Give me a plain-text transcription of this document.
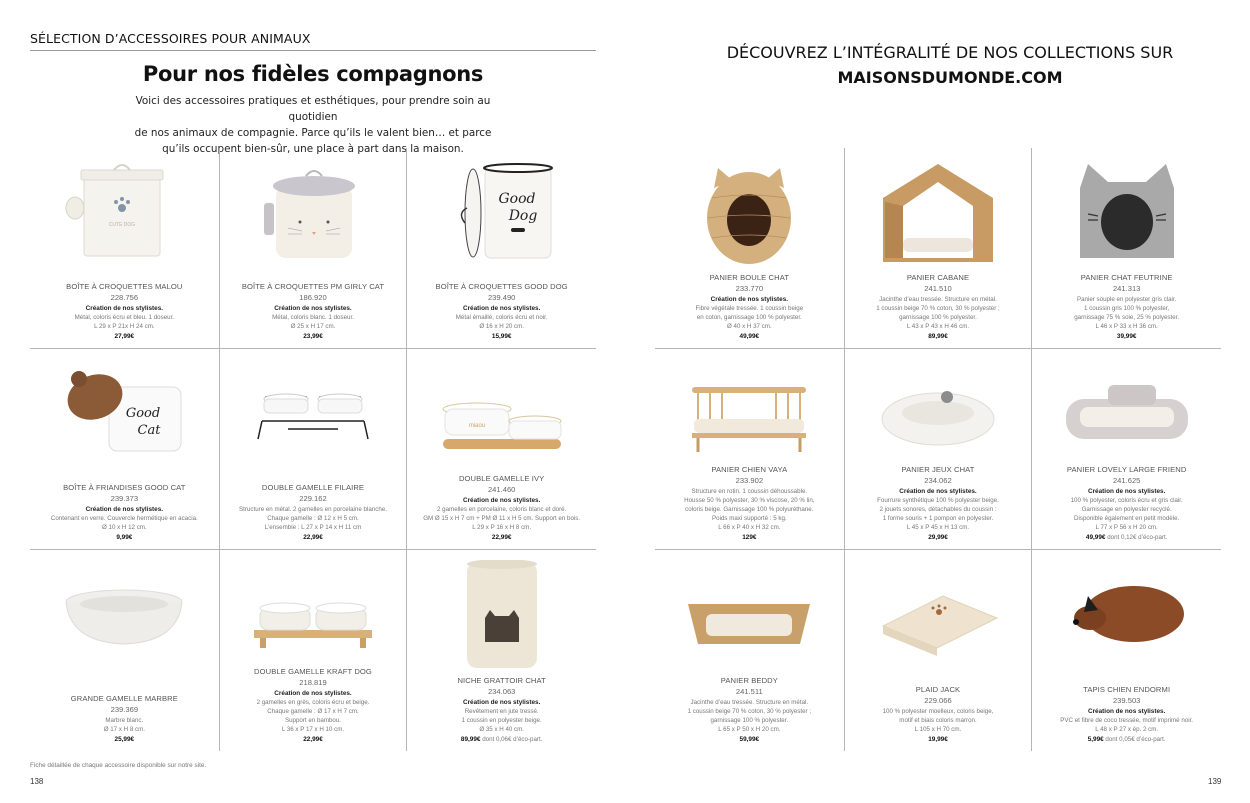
SÉLECTION D’ACCESSOIRES POUR ANIMAUX
Pour nos fidèles compagnons
Voici des accessoires pratiques et esthétiques, pour prendre soin au quotidien
de nos animaux de compagnie. Parce qu’ils le valent bien… et parce
qu’ils occupent bien-sûr, une place à part dans la maison.
CUTE DOG
BOÎTE À CROQUETTES MALOU
228.756
Création de nos stylistes.
Métal, coloris écru et bleu. 1 doseur.
L 29 x P 21x H 24 cm.
27,99€
BOÎTE À CROQUETTES PM GIRLY CAT
186.920
Création de nos stylistes.
Métal, coloris blanc. 1 doseur.
Ø 25 x H 17 cm.
23,99€
Good
Dog
BOÎTE À CROQUETTES GOOD DOG
239.490
Création de nos stylistes.
Métal émaillé, coloris écru et noir.
Ø 16 x H 20 cm.
15,99€
Good
Cat
BOÎTE À FRIANDISES GOOD CAT
239.373
Création de nos stylistes.
Contenant en verre. Couvercle hermétique en acacia.
Ø 10 x H 12 cm.
9,99€
DOUBLE GAMELLE FILAIRE
229.162
Structure en métal. 2 gamelles en porcelaine blanche.
Chaque gamelle : Ø 12 x H 5 cm.
L’ensemble : L 27 x P 14 x H 11 cm
22,99€
miaou
DOUBLE GAMELLE IVY
241.460
Création de nos stylistes.
2 gamelles en porcelaine, coloris blanc et doré.
GM Ø 15 x H 7 cm + PM Ø 11 x H 5 cm. Support en bois.
L 29 x P 16 x H 8 cm.
22,99€
GRANDE GAMELLE MARBRE
239.369
Marbre blanc.
Ø 17 x H 8 cm.
25,99€
DOUBLE GAMELLE KRAFT DOG
218.819
Création de nos stylistes.
2 gamelles en grès, coloris écru et beige.
Chaque gamelle : Ø 17 x H 7 cm.
Support en bambou.
L 36 x P 17 x H 10 cm.
22,99€
NICHE GRATTOIR CHAT
234.063
Création de nos stylistes.
Revêtement en jute tressé.
1 coussin en polyester beige.
Ø 35 x H 40 cm.
89,99€ dont 0,06€ d’éco-part.
Fiche détaillée de chaque accessoire disponible sur notre site.
138
DÉCOUVREZ L’INTÉGRALITÉ DE NOS COLLECTIONS SUR
MAISONSDUMONDE.COM
PANIER BOULE CHAT
233.770
Création de nos stylistes.
Fibre végétale tressée. 1 coussin beige
en coton, garnissage 100 % polyester.
Ø 40 x H 37 cm.
49,99€
PANIER CABANE
241.510
Jacinthe d’eau tressée. Structure en métal.
1 coussin beige 70 % coton, 30 % polyester ;
garnissage 100 % polyester.
L 43 x P 43 x H 46 cm.
89,99€
PANIER CHAT FEUTRINE
241.313
Panier souple en polyester gris clair.
1 coussin gris 100 % polyester,
garnissage 75 % soie, 25 % polyester.
L 46 x P 33 x H 36 cm.
39,99€
PANIER CHIEN VAYA
233.902
Structure en rotin. 1 coussin déhoussable.
Housse 50 % polyester, 30 % viscose, 20 % lin,
coloris beige. Garnissage 100 % polyuréthane.
Poids maxi supporté : 5 kg.
L 66 x P 40 x H 32 cm.
129€
PANIER JEUX CHAT
234.062
Création de nos stylistes.
Fourrure synthétique 100 % polyester beige.
2 jouets sonores, détachables du coussin :
1 forme souris + 1 pompon en polyester.
L 45 x P 45 x H 13 cm.
29,99€
PANIER LOVELY LARGE FRIEND
241.625
Création de nos stylistes.
100 % polyester, coloris écru et gris clair.
Garnissage en polyester recyclé.
Disponible également en petit modèle.
L 77 x P 56 x H 20 cm.
49,99€ dont 0,12€ d’éco-part.
PANIER BEDDY
241.511
Jacinthe d’eau tressée. Structure en métal.
1 coussin beige 70 % coton, 30 % polyester ;
garnissage 100 % polyester.
L 65 x P 50 x H 20 cm.
59,99€
PLAID JACK
229.066
100 % polyester moelleux, coloris beige,
motif et biais coloris marron.
L 105 x H 70 cm.
19,99€
TAPIS CHIEN ENDORMI
239.503
Création de nos stylistes.
PVC et fibre de coco tressée, motif imprimé noir.
L 48 x P 27 x ép. 2 cm.
5,99€ dont 0,05€ d’éco-part.
139
